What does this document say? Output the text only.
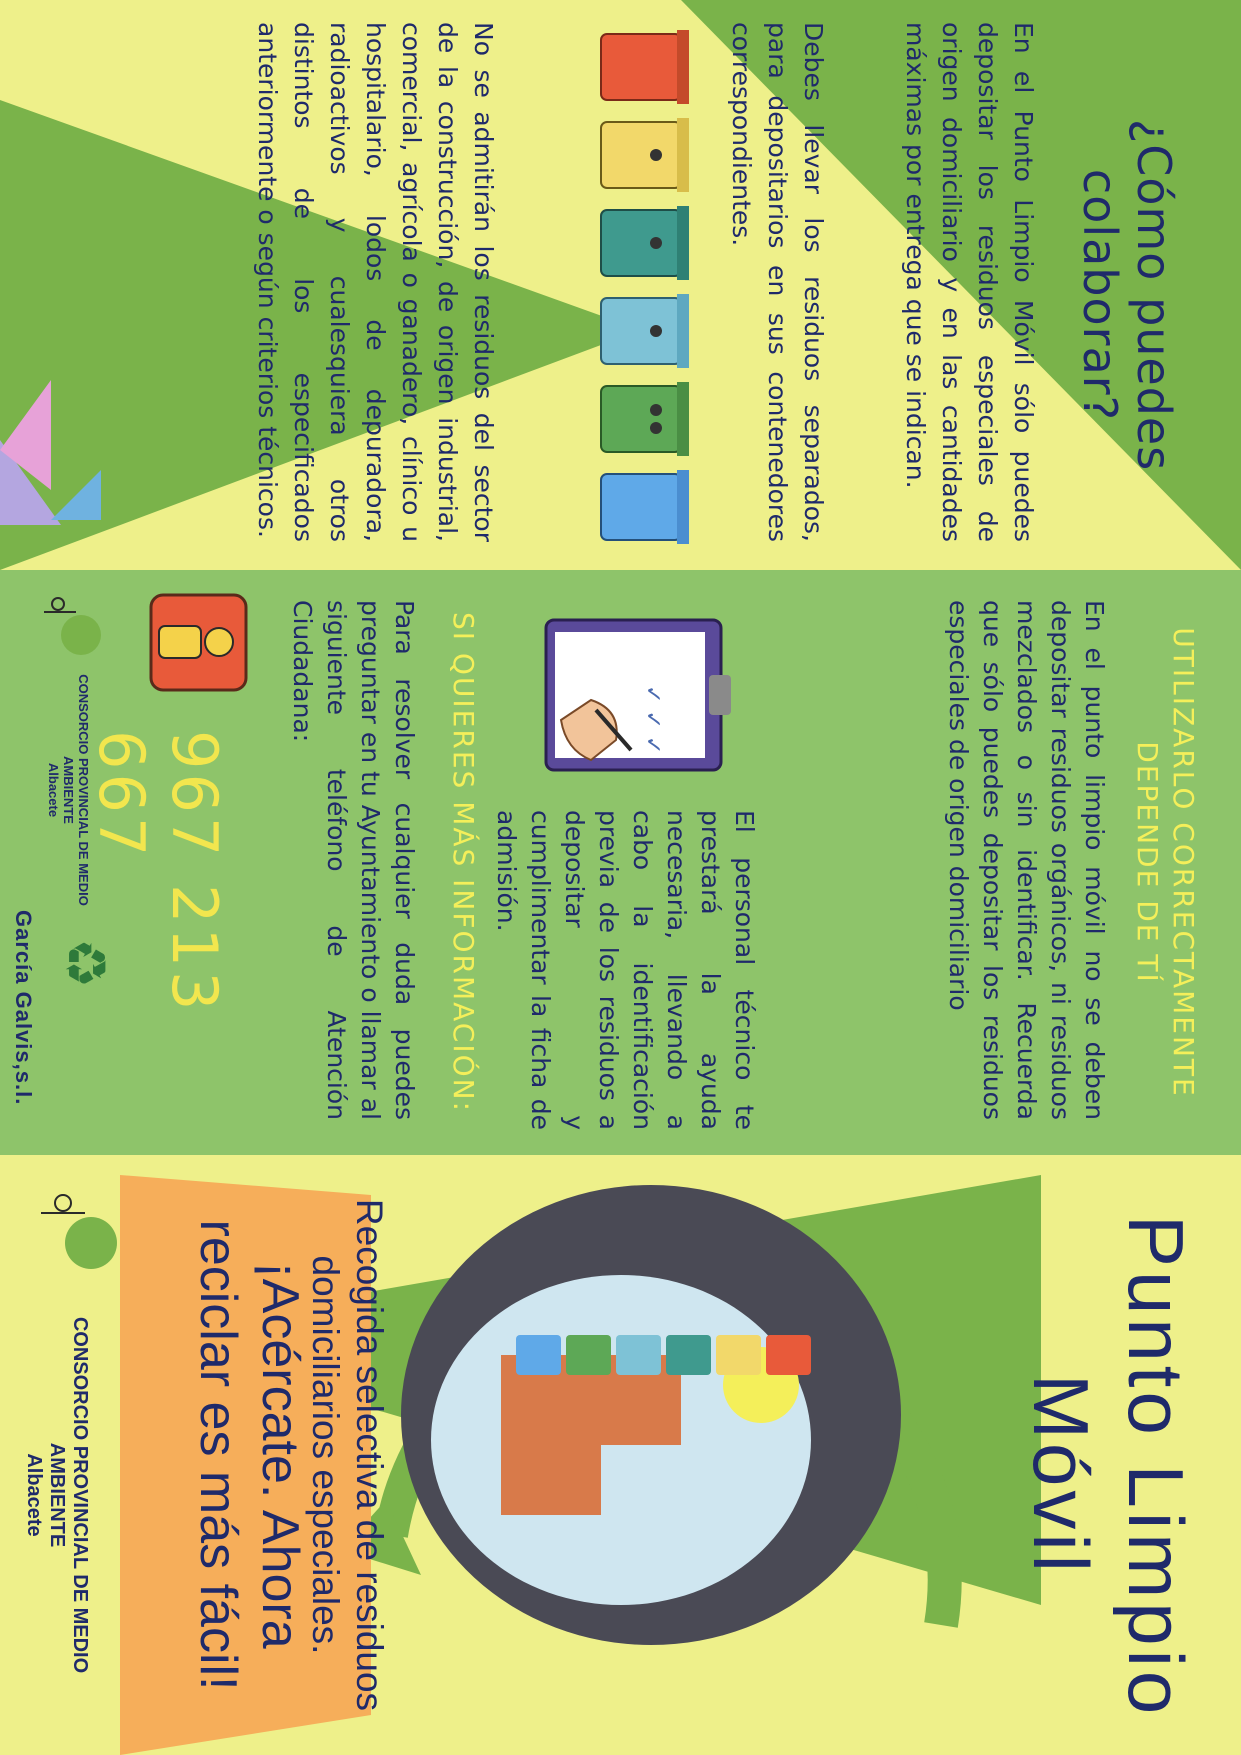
¿Cómo puedes colaborar?
En el Punto Limpio Móvil sólo puedes depositar los residuos especiales de origen domiciliario y en las cantidades máximas por entrega que se indican.
Debes llevar los residuos separados, para depositarios en sus contenedores correspondientes.
No se admitirán los residuos del sector de la construcción, de origen industrial, comercial, agrícola o ganadero, clínico u hospitalario, lodos de depuradora, radioactivos y cualesquiera otros distintos de los especificados anteriormente o según criterios técnicos.
UTILIZARLO CORRECTAMENTE DEPENDE DE TÍ
En el punto limpio móvil no se deben depositar residuos orgánicos, ni residuos mezclados o sin identificar. Recuerda que sólo puedes depositar los residuos especiales de origen domiciliario
✓ ✓ ✓
El personal técnico te prestará la ayuda necesaria, llevando a cabo la identificación previa de los residuos a depositar y cumplimentar la ficha de admisión.
SI QUIERES MÁS INFORMACIÓN:
Para resolver cualquier duda puedes preguntar en tu Ayuntamiento o llamar al siguiente teléfono de Atención Ciudadana:
967 213 667
CONSORCIO PROVINCIAL DE MEDIO AMBIENTE
Albacete
♻
García Galvis,s.l.
Punto Limpio
Móvil
Recogida selectiva de residuos domiciliarios especiales.
¡Acércate. Ahora reciclar es más fácil!
CONSORCIO PROVINCIAL DE MEDIO AMBIENTE
Albacete
